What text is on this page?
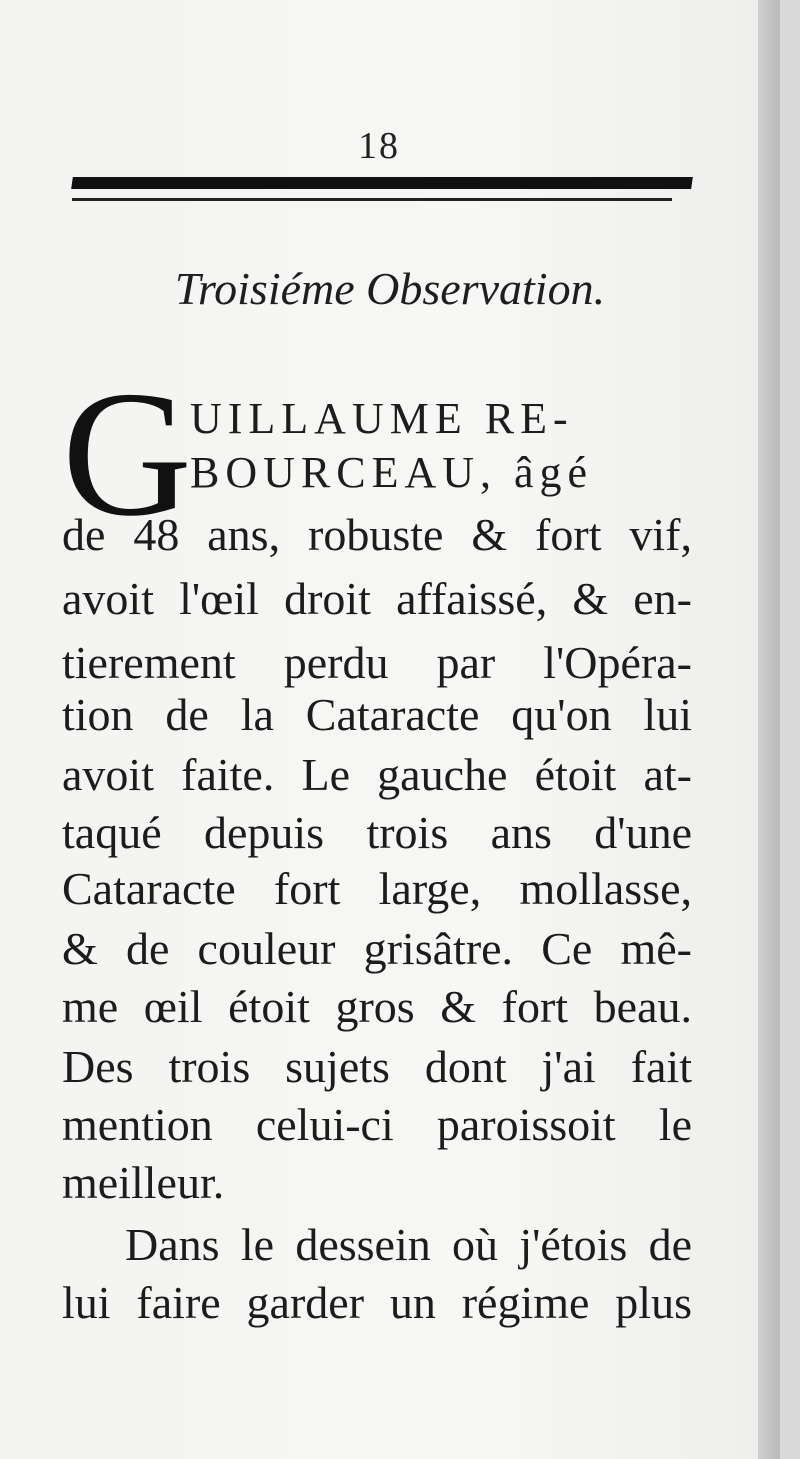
18
Troisiéme Observation.
G
UILLAUME RE-
BOURCEAU, âgé
de 48 ans, robuste & fort vif,
avoit l'œil droit affaissé, & en-
tierement perdu par l'Opéra-
tion de la Cataracte qu'on lui
avoit faite. Le gauche étoit at-
taqué depuis trois ans d'une
Cataracte fort large, mollasse,
& de couleur grisâtre. Ce mê-
me œil étoit gros & fort beau.
Des trois sujets dont j'ai fait
mention celui-ci paroissoit le
meilleur.
Dans le dessein où j'étois de
lui faire garder un régime plus
